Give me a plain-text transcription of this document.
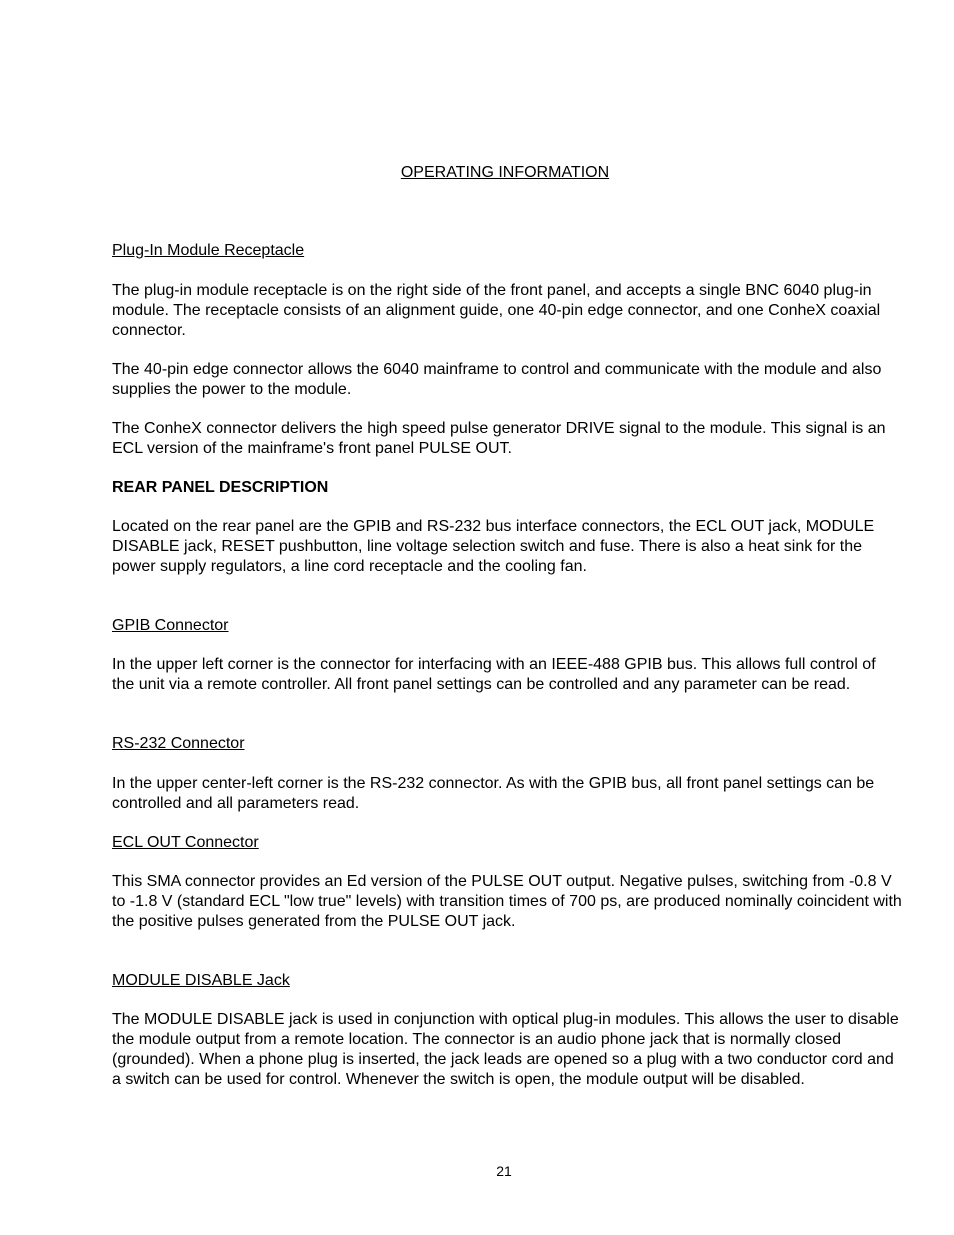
OPERATING INFORMATION
Plug-In Module Receptacle

The plug-in module receptacle is on the right side of the front panel, and accepts a single BNC 6040 plug-in module. The receptacle consists of an alignment guide, one 40-pin edge connector, and one ConheX coaxial connector.

The 40-pin edge connector allows the 6040 mainframe to control and communicate with the module and also supplies the power to the module.

The ConheX connector delivers the high speed pulse generator DRIVE signal to the module. This signal is an ECL version of the mainframe's front panel PULSE OUT.

REAR PANEL DESCRIPTION

Located on the rear panel are the GPIB and RS-232 bus interface connectors, the ECL OUT jack, MODULE DISABLE jack, RESET pushbutton, line voltage selection switch and fuse. There is also a heat sink for the power supply regulators, a line cord receptacle and the cooling fan.

GPIB Connector

In the upper left corner is the connector for interfacing with an IEEE-488 GPIB bus. This allows full control of the unit via a remote controller. All front panel settings can be controlled and any parameter can be read.

RS-232 Connector

In the upper center-left corner is the RS-232 connector. As with the GPIB bus, all front panel settings can be controlled and all parameters read.

ECL OUT Connector

This SMA connector provides an Ed version of the PULSE OUT output. Negative pulses, switching from -0.8 V to -1.8 V (standard ECL "low true" levels) with transition times of 700 ps, are produced nominally coincident with the positive pulses generated from the PULSE OUT jack.

MODULE DISABLE Jack

The MODULE DISABLE jack is used in conjunction with optical plug-in modules. This allows the user to disable the module output from a remote location. The connector is an audio phone jack that is normally closed (grounded). When a phone plug is inserted, the jack leads are opened so a plug with a two conductor cord and a switch can be used for control. Whenever the switch is open, the module output will be disabled.

21
